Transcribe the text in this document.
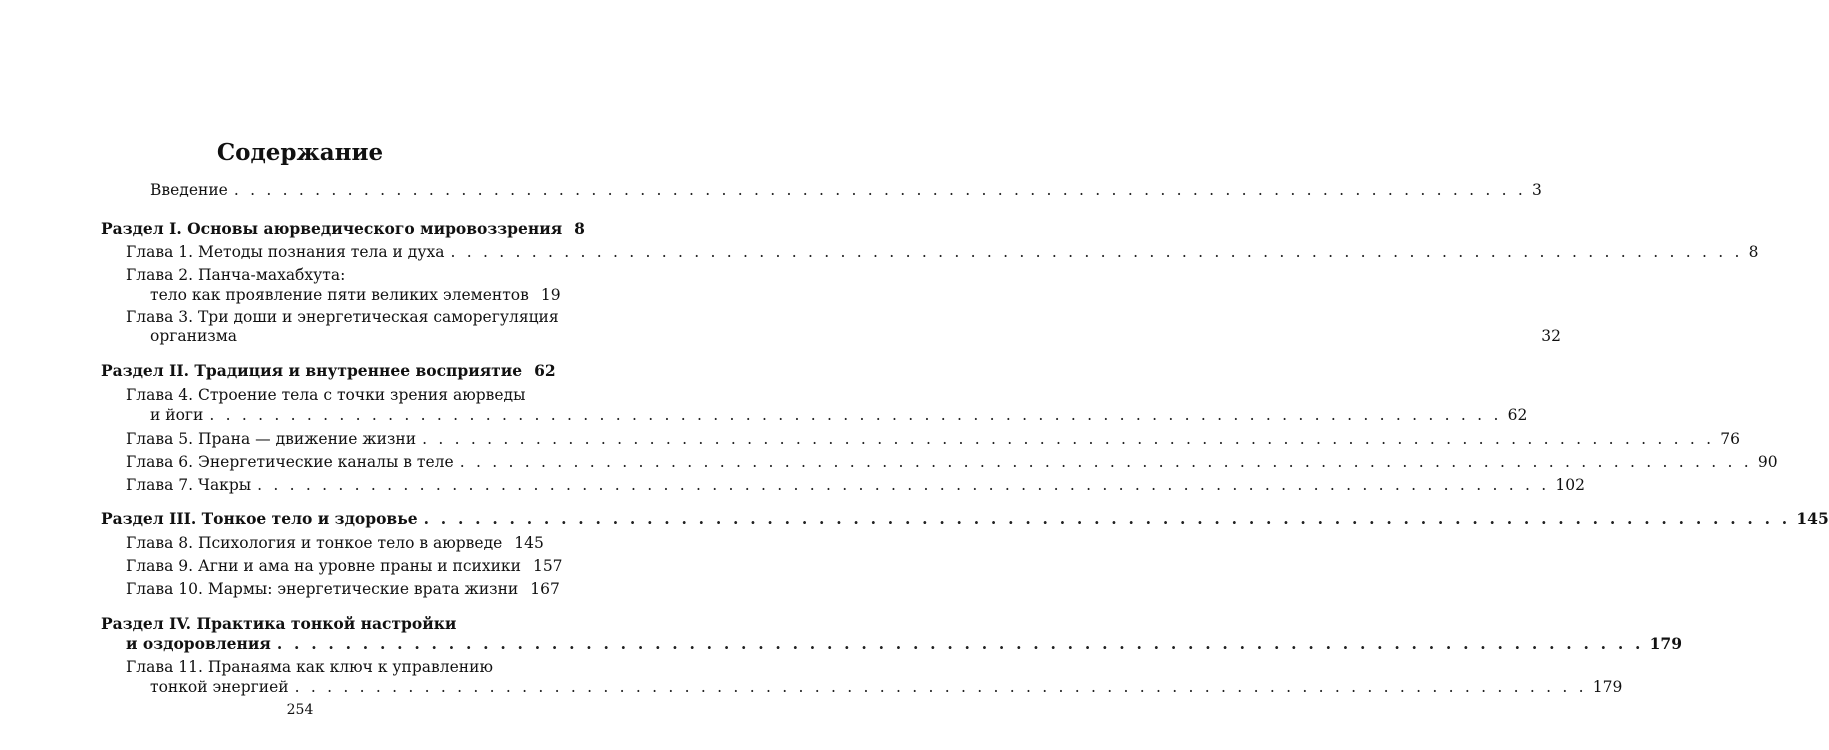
Содержание
Введение . . . . . . . . . . . . . . . . . . . . . . . . . . . . . . . . . . . . . . . . . . . . . . . . . . . . . . . . . . . . . . . . . . . . . . . . . . . . . . . . 3
Раздел I. Основы аюрведического мировоззрения 8
Глава 1. Методы познания тела и духа . . . . . . . . . . . . . . . . . . . . . . . . . . . . . . . . . . . . . . . . . . . . . . . . . . . . . . . . . . . . . . . . . . . . . . . . . . . . . . . . 8
Глава 2. Панча-махабхута:
тело как проявление пяти великих элементов 19
Глава 3. Три доши и энергетическая саморегуляция
организма	32
Раздел II. Традиция и внутреннее восприятие 62
Глава 4. Строение тела с точки зрения аюрведы
и йоги . . . . . . . . . . . . . . . . . . . . . . . . . . . . . . . . . . . . . . . . . . . . . . . . . . . . . . . . . . . . . . . . . . . . . . . . . . . . . . . . 62
Глава 5. Прана — движение жизни . . . . . . . . . . . . . . . . . . . . . . . . . . . . . . . . . . . . . . . . . . . . . . . . . . . . . . . . . . . . . . . . . . . . . . . . . . . . . . . . 76
Глава 6. Энергетические каналы в теле . . . . . . . . . . . . . . . . . . . . . . . . . . . . . . . . . . . . . . . . . . . . . . . . . . . . . . . . . . . . . . . . . . . . . . . . . . . . . . . . 90
Глава 7. Чакры . . . . . . . . . . . . . . . . . . . . . . . . . . . . . . . . . . . . . . . . . . . . . . . . . . . . . . . . . . . . . . . . . . . . . . . . . . . . . . . . 102
Раздел III. Тонкое тело и здоровье . . . . . . . . . . . . . . . . . . . . . . . . . . . . . . . . . . . . . . . . . . . . . . . . . . . . . . . . . . . . . . . . . . . . . . . . . . . . . . . . 145
Глава 8. Психология и тонкое тело в аюрведе 145
Глава 9. Агни и ама на уровне праны и психики 157
Глава 10. Мармы: энергетические врата жизни 167
Раздел IV. Практика тонкой настройки
и оздоровления . . . . . . . . . . . . . . . . . . . . . . . . . . . . . . . . . . . . . . . . . . . . . . . . . . . . . . . . . . . . . . . . . . . . . . . . . . . . . . . . 179
Глава 11. Пранаяма как ключ к управлению
тонкой энергией . . . . . . . . . . . . . . . . . . . . . . . . . . . . . . . . . . . . . . . . . . . . . . . . . . . . . . . . . . . . . . . . . . . . . . . . . . . . . . . . 179
254
